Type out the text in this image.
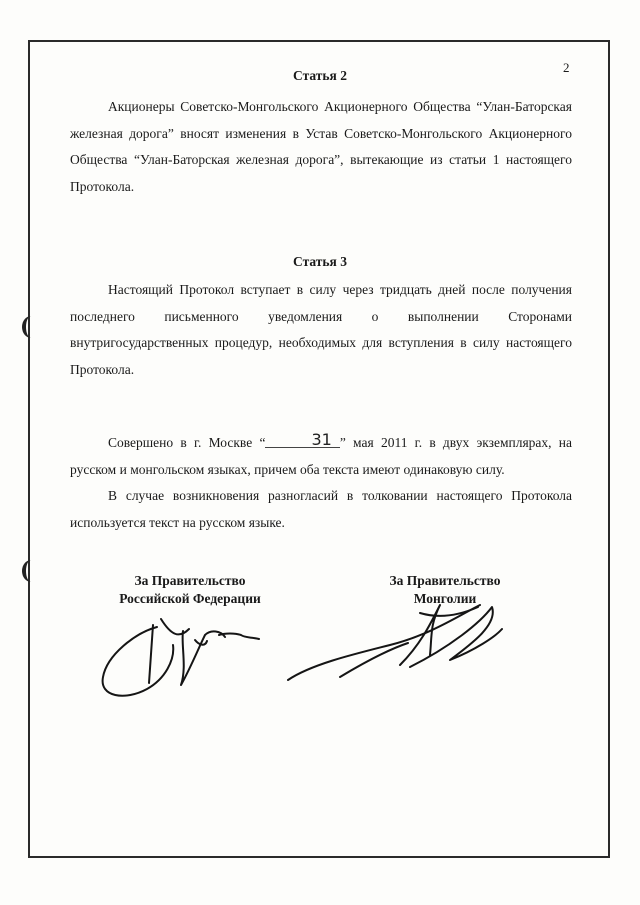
2
Статья 2
Акционеры Советско-Монгольского Акционерного Общества “Улан-Баторская железная дорога” вносят изменения в Устав Советско-Монгольского Акционерного Общества “Улан-Баторская железная дорога”, вытекающие из статьи 1 настоящего Протокола.
Статья 3
Настоящий Протокол вступает в силу через тридцать дней после получения последнего письменного уведомления о выполнении Сторонами внутригосударственных процедур, необходимых для вступления в силу настоящего Протокола.
Совершено в г. Москве “	31 ” мая 2011 г. в двух экземплярах, на русском и монгольском языках, причем оба текста имеют одинаковую силу.
В случае возникновения разногласий в толковании настоящего Протокола используется текст на русском языке.
За Правительство
Российской Федерации
За Правительство
Монголии
